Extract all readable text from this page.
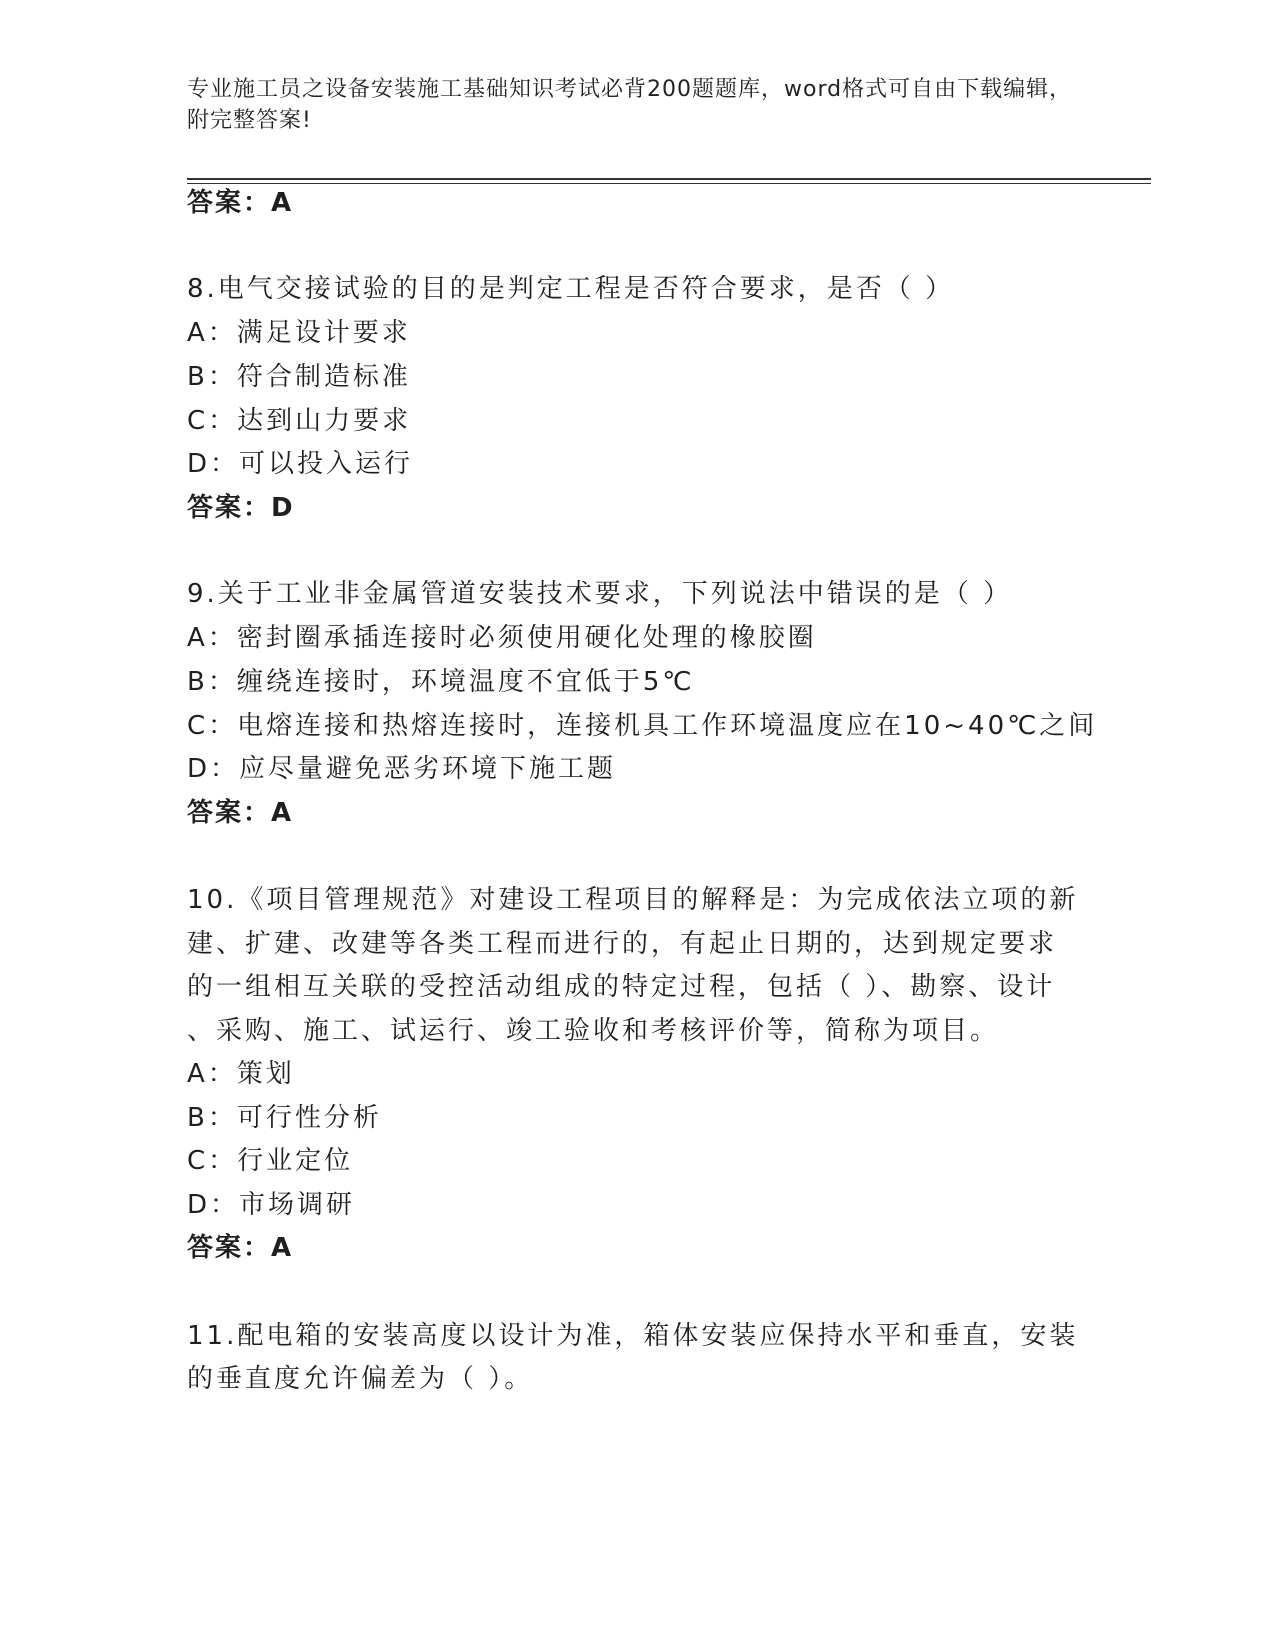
专业施工员之设备安装施工基础知识考试必背200题题库，word格式可自由下载编辑，附完整答案!
答案：A
8.电气交接试验的目的是判定工程是否符合要求，是否（ ）
A：满足设计要求
B：符合制造标准
C：达到山力要求
D：可以投入运行
答案：D
9.关于工业非金属管道安装技术要求，下列说法中错误的是（ ）
A：密封圈承插连接时必须使用硬化处理的橡胶圈
B：缠绕连接时，环境温度不宜低于5℃
C：电熔连接和热熔连接时，连接机具工作环境温度应在10~40℃之间
D：应尽量避免恶劣环境下施工题
答案：A
10.《项目管理规范》对建设工程项目的解释是：为完成依法立项的新
建、扩建、改建等各类工程而进行的，有起止日期的，达到规定要求
的一组相互关联的受控活动组成的特定过程，包括（ ）、勘察、设计
、采购、施工、试运行、竣工验收和考核评价等，简称为项目。
A：策划
B：可行性分析
C：行业定位
D：市场调研
答案：A
11.配电箱的安装高度以设计为准，箱体安装应保持水平和垂直，安装
的垂直度允许偏差为（ ）。
